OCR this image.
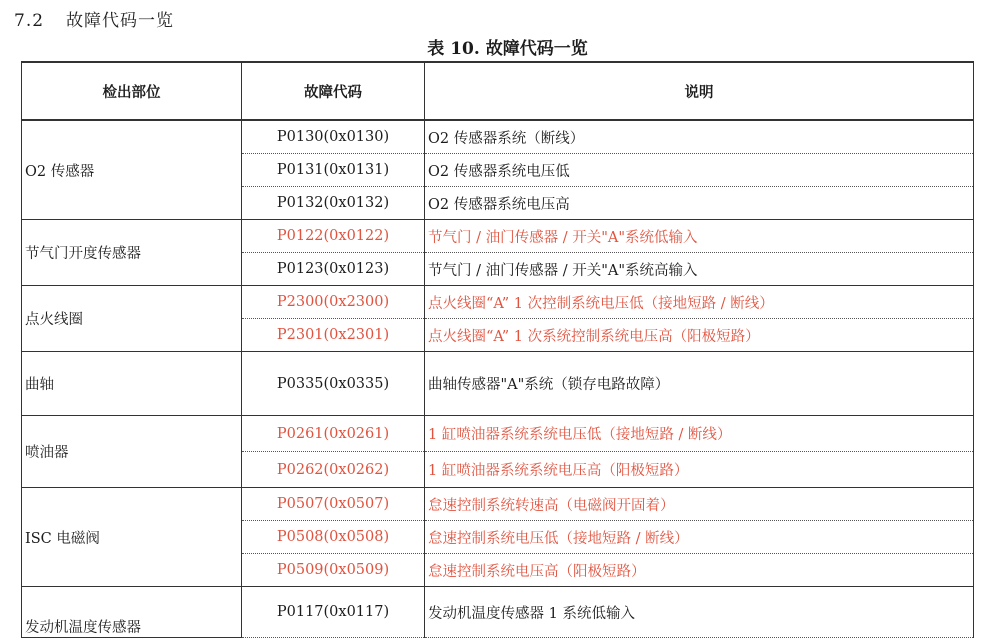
7.2 故障代码一览
表 10. 故障代码一览
检出部位	故障代码	说明
O2 传感器	P0130(0x0130)	O2 传感器系统（断线）
	P0131(0x0131)	O2 传感器系统电压低
	P0132(0x0132)	O2 传感器系统电压高
节气门开度传感器	P0122(0x0122)	节气门 / 油门传感器 / 开关"A"系统低输入
	P0123(0x0123)	节气门 / 油门传感器 / 开关"A"系统高输入
点火线圈	P2300(0x2300)	点火线圈“A” 1 次控制系统电压低（接地短路 / 断线）
	P2301(0x2301)	点火线圈“A” 1 次系统控制系统电压高（阳极短路）
曲轴	P0335(0x0335)	曲轴传感器"A"系统（锁存电路故障）
喷油器	P0261(0x0261)	1 缸喷油器系统系统电压低（接地短路 / 断线）
	P0262(0x0262)	1 缸喷油器系统系统电压高（阳极短路）
ISC 电磁阀	P0507(0x0507)	怠速控制系统转速高（电磁阀开固着）
	P0508(0x0508)	怠速控制系统电压低（接地短路 / 断线）
	P0509(0x0509)	怠速控制系统电压高（阳极短路）
发动机温度传感器	P0117(0x0117)	发动机温度传感器 1 系统低输入
